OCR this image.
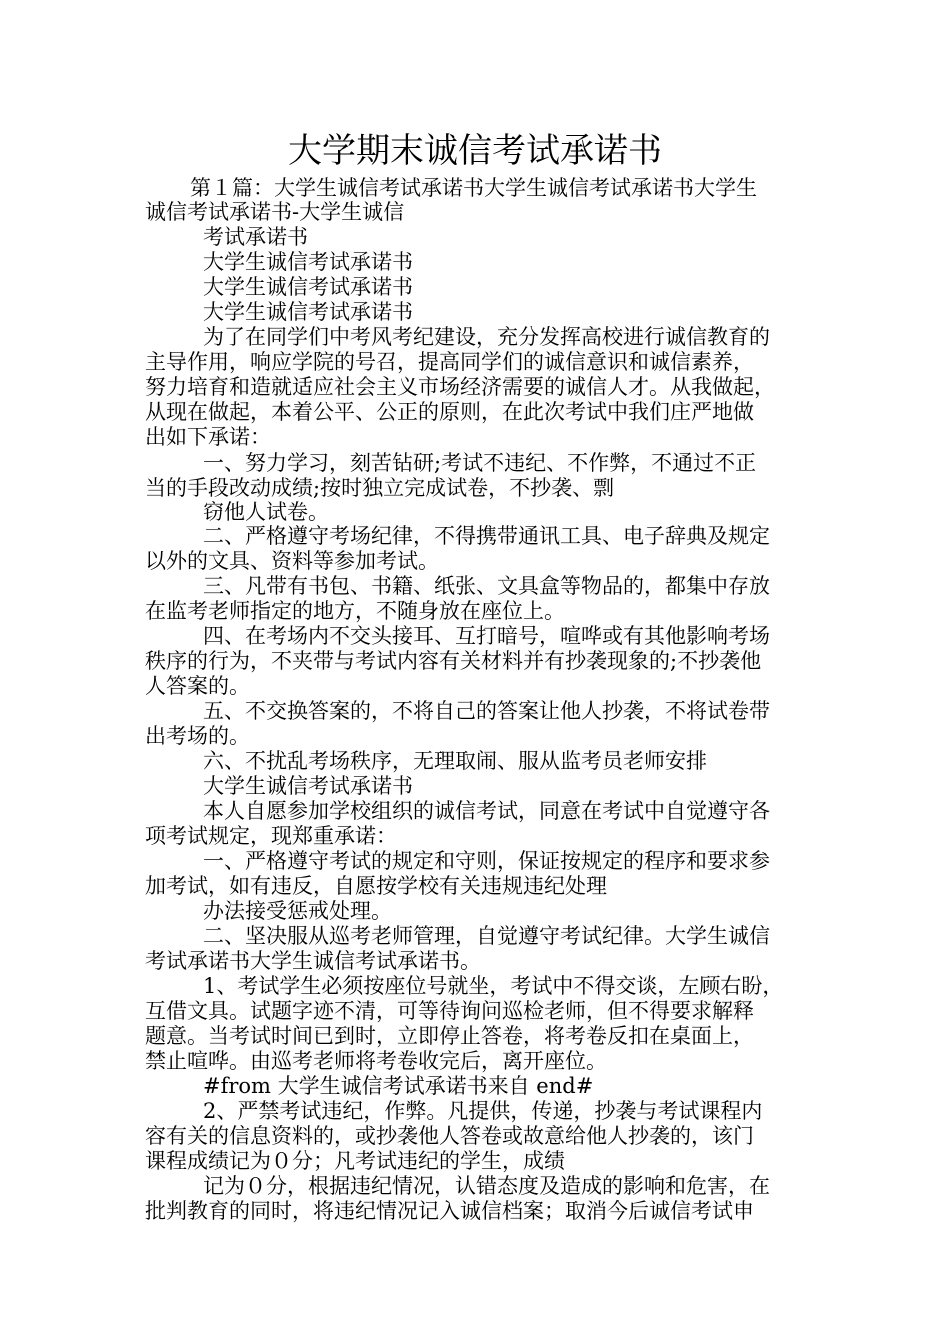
大学期末诚信考试承诺书
第１篇：大学生诚信考试承诺书大学生诚信考试承诺书大学生
诚信考试承诺书-大学生诚信
考试承诺书
大学生诚信考试承诺书
大学生诚信考试承诺书
大学生诚信考试承诺书
为了在同学们中考风考纪建设，充分发挥高校进行诚信教育的
主导作用，响应学院的号召，提高同学们的诚信意识和诚信素养，
努力培育和造就适应社会主义市场经济需要的诚信人才。从我做起，
从现在做起，本着公平、公正的原则，在此次考试中我们庄严地做
出如下承诺：
一、努力学习，刻苦钻研;考试不违纪、不作弊，不通过不正
当的手段改动成绩;按时独立完成试卷，不抄袭、剽
窃他人试卷。
二、严格遵守考场纪律，不得携带通讯工具、电子辞典及规定
以外的文具、资料等参加考试。
三、凡带有书包、书籍、纸张、文具盒等物品的，都集中存放
在监考老师指定的地方，不随身放在座位上。
四、在考场内不交头接耳、互打暗号，喧哗或有其他影响考场
秩序的行为，不夹带与考试内容有关材料并有抄袭现象的;不抄袭他
人答案的。
五、不交换答案的，不将自己的答案让他人抄袭，不将试卷带
出考场的。
六、不扰乱考场秩序，无理取闹、服从监考员老师安排
大学生诚信考试承诺书
本人自愿参加学校组织的诚信考试，同意在考试中自觉遵守各
项考试规定，现郑重承诺：
一、严格遵守考试的规定和守则，保证按规定的程序和要求参
加考试，如有违反，自愿按学校有关违规违纪处理
办法接受惩戒处理。
二、坚决服从巡考老师管理，自觉遵守考试纪律。大学生诚信
考试承诺书大学生诚信考试承诺书。
1、考试学生必须按座位号就坐，考试中不得交谈，左顾右盼，
互借文具。试题字迹不清，可等待询问巡检老师，但不得要求解释
题意。当考试时间已到时，立即停止答卷，将考卷反扣在桌面上，
禁止喧哗。由巡考老师将考卷收完后，离开座位。
#from 大学生诚信考试承诺书来自 end#
2、严禁考试违纪，作弊。凡提供，传递，抄袭与考试课程内
容有关的信息资料的，或抄袭他人答卷或故意给他人抄袭的，该门
课程成绩记为０分；凡考试违纪的学生，成绩
记为０分，根据违纪情况，认错态度及造成的影响和危害，在
批判教育的同时，将违纪情况记入诚信档案；取消今后诚信考试申
